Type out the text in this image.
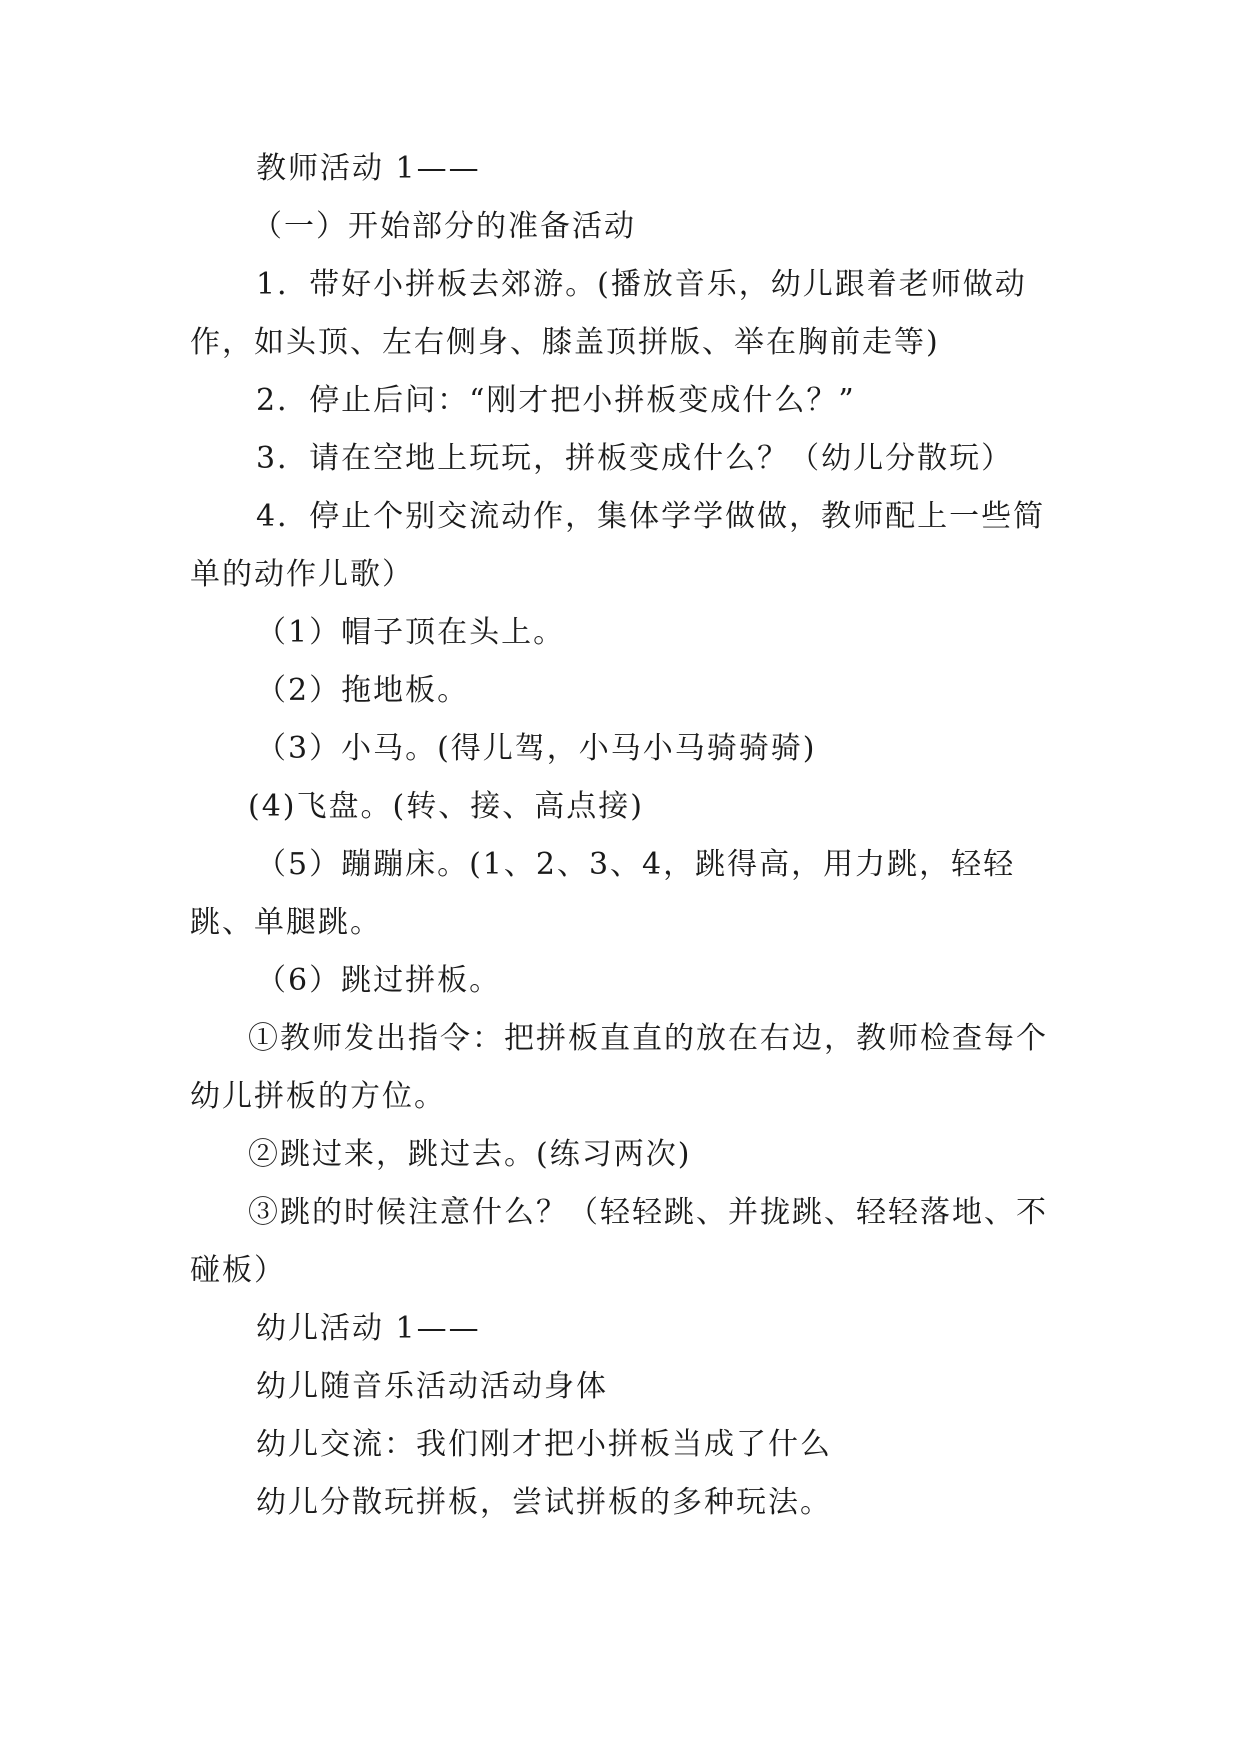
教师活动 1——

（一）开始部分的准备活动

1．带好小拼板去郊游。(播放音乐，幼儿跟着老师做动作，如头顶、左右侧身、膝盖顶拼版、举在胸前走等)

2．停止后问：“刚才把小拼板变成什么？”

3．请在空地上玩玩，拼板变成什么？（幼儿分散玩）

4．停止个别交流动作，集体学学做做，教师配上一些简单的动作儿歌）

（1）帽子顶在头上。

（2）拖地板。

（3）小马。(得儿驾，小马小马骑骑骑)

(4)飞盘。(转、接、高点接)

（5）蹦蹦床。(1、2、3、4，跳得高，用力跳，轻轻跳、单腿跳。

（6）跳过拼板。

①教师发出指令：把拼板直直的放在右边，教师检查每个幼儿拼板的方位。

②跳过来，跳过去。(练习两次)

③跳的时候注意什么？（轻轻跳、并拢跳、轻轻落地、不碰板）

幼儿活动 1——

幼儿随音乐活动活动身体

幼儿交流：我们刚才把小拼板当成了什么

幼儿分散玩拼板，尝试拼板的多种玩法。
